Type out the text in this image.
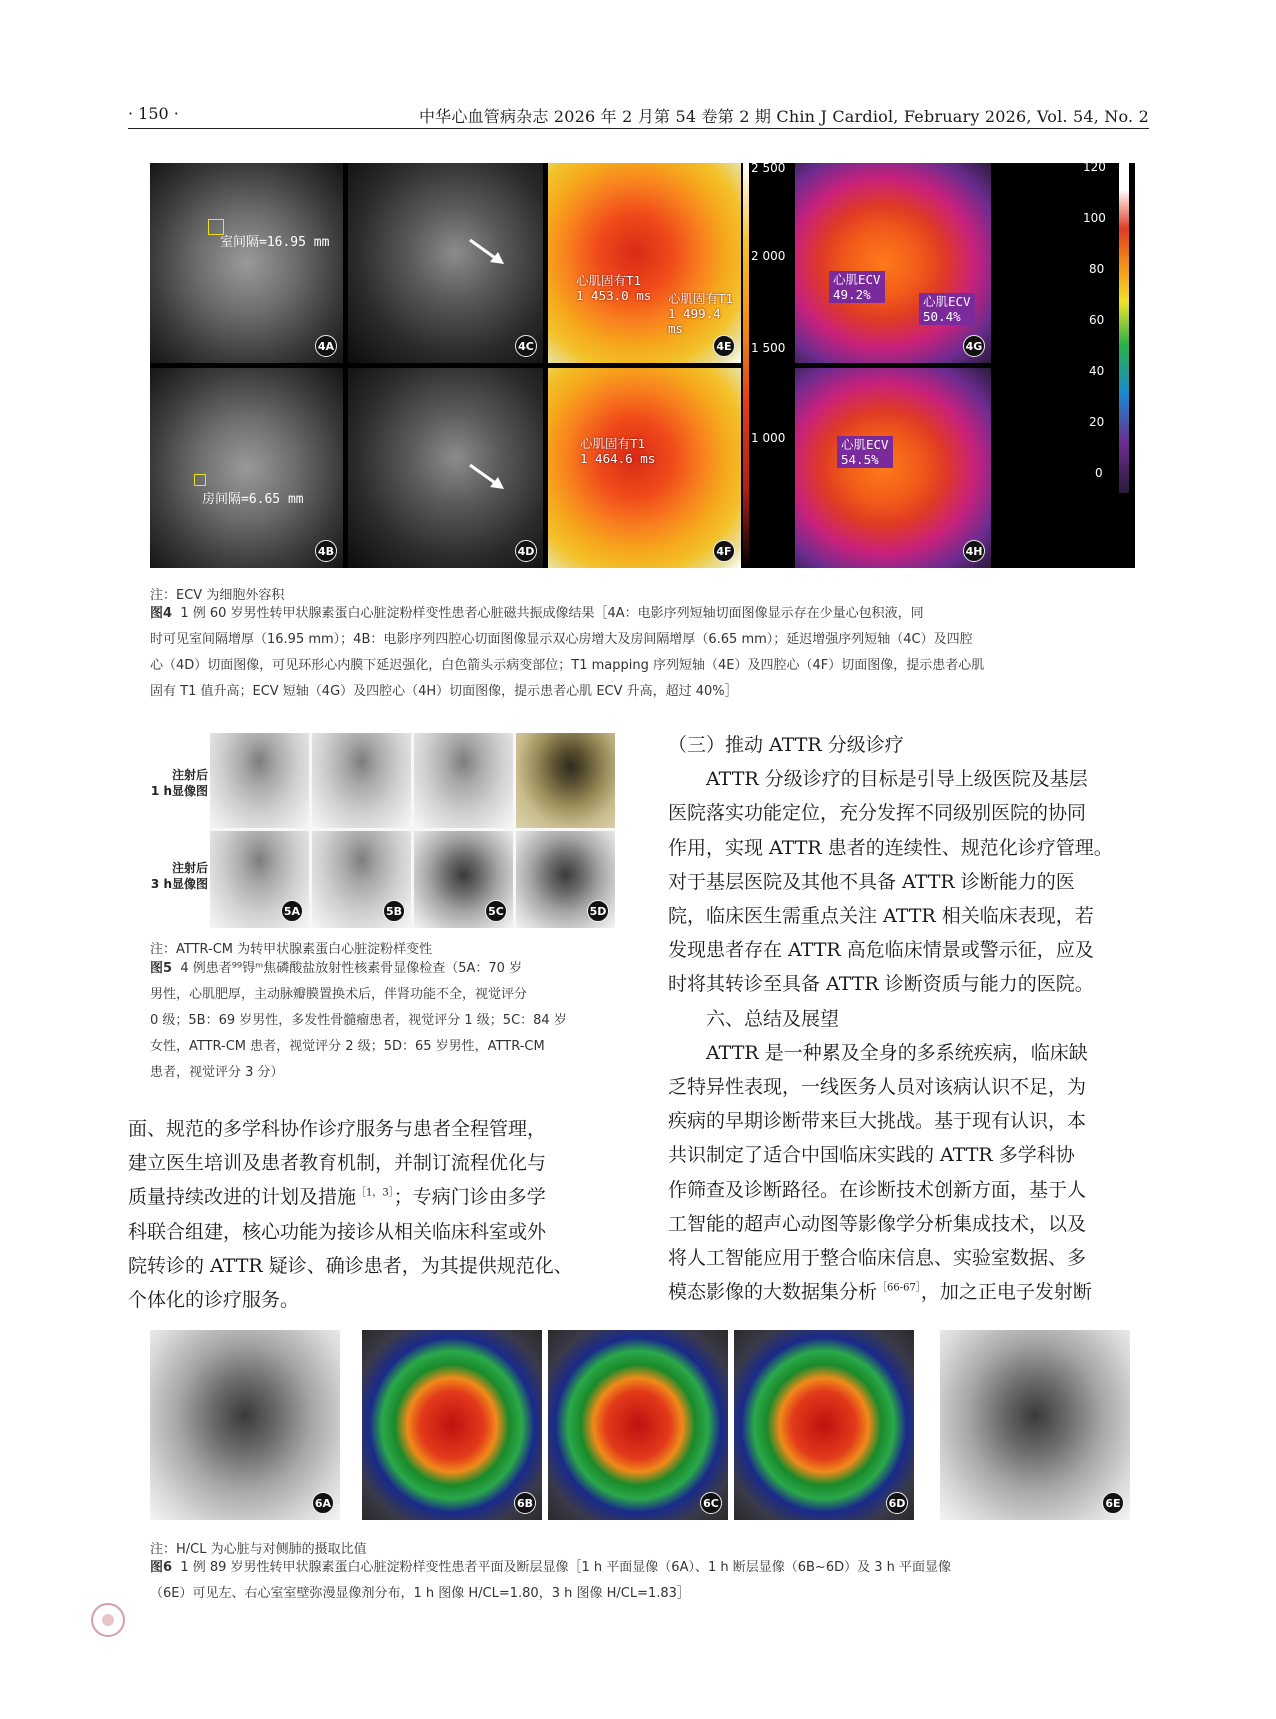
· 150 ·	中华心血管病杂志 2026 年 2 月第 54 卷第 2 期 Chin J Cardiol, February 2026, Vol. 54, No. 2
室间隔=16.95 mm
4A	4C
心肌固有T1
1 453.0 ms 心肌固有T1
1 499.4 ms
4E
2 500
2 000
1 500
1 000
心肌ECV
49.2%	心肌ECV
50.4%
4G
120
100
80
60
40
20
0
房间隔=6.65 mm
4B	4D
心肌固有T1
1 464.6 ms
4F
心肌ECV
54.5%
4H
注：ECV 为细胞外容积
图4 1 例 60 岁男性转甲状腺素蛋白心脏淀粉样变性患者心脏磁共振成像结果［4A：电影序列短轴切面图像显示存在少量心包积液，同
时可见室间隔增厚（16.95 mm）；4B：电影序列四腔心切面图像显示双心房增大及房间隔增厚（6.65 mm）；延迟增强序列短轴（4C）及四腔
心（4D）切面图像，可见环形心内膜下延迟强化，白色箭头示病变部位；T1 mapping 序列短轴（4E）及四腔心（4F）切面图像，提示患者心肌
固有 T1 值升高；ECV 短轴（4G）及四腔心（4H）切面图像，提示患者心肌 ECV 升高，超过 40%］
注射后
1 h显像图
注射后
3 h显像图
5A	5B	5C	5D
注：ATTR-CM 为转甲状腺素蛋白心脏淀粉样变性
图5 4 例患者⁹⁹锝ᵐ焦磷酸盐放射性核素骨显像检查（5A：70 岁
男性，心肌肥厚，主动脉瓣膜置换术后，伴肾功能不全，视觉评分
0 级；5B：69 岁男性，多发性骨髓瘤患者，视觉评分 1 级；5C：84 岁
女性，ATTR-CM 患者，视觉评分 2 级；5D：65 岁男性，ATTR-CM
患者，视觉评分 3 分）

面、规范的多学科协作诊疗服务与患者全程管理，

建立医生培训及患者教育机制，并制订流程优化与

质量持续改进的计划及措施$^{[1,3]}$；专病门诊由多学

科联合组建，核心功能为接诊从相关临床科室或外

院转诊的 ATTR 疑诊、确诊患者，为其提供规范化、

个体化的诊疗服务。

（三）推动 ATTR 分级诊疗

ATTR 分级诊疗的目标是引导上级医院及基层

医院落实功能定位，充分发挥不同级别医院的协同

作用，实现 ATTR 患者的连续性、规范化诊疗管理。

对于基层医院及其他不具备 ATTR 诊断能力的医

院，临床医生需重点关注 ATTR 相关临床表现，若

发现患者存在 ATTR 高危临床情景或警示征，应及

时将其转诊至具备 ATTR 诊断资质与能力的医院。

六、总结及展望

ATTR 是一种累及全身的多系统疾病，临床缺

乏特异性表现，一线医务人员对该病认识不足，为

疾病的早期诊断带来巨大挑战。基于现有认识，本

共识制定了适合中国临床实践的 ATTR 多学科协

作筛查及诊断路径。在诊断技术创新方面，基于人

工智能的超声心动图等影像学分析集成技术，以及

将人工智能应用于整合临床信息、实验室数据、多

模态影像的大数据集分析$^{[66-67]}$，加之正电子发射断

6A	6B	6C	6D	6E
注：H/CL 为心脏与对侧肺的摄取比值
图6 1 例 89 岁男性转甲状腺素蛋白心脏淀粉样变性患者平面及断层显像［1 h 平面显像（6A）、1 h 断层显像（6B~6D）及 3 h 平面显像
（6E）可见左、右心室室壁弥漫显像剂分布，1 h 图像 H/CL=1.80，3 h 图像 H/CL=1.83］
